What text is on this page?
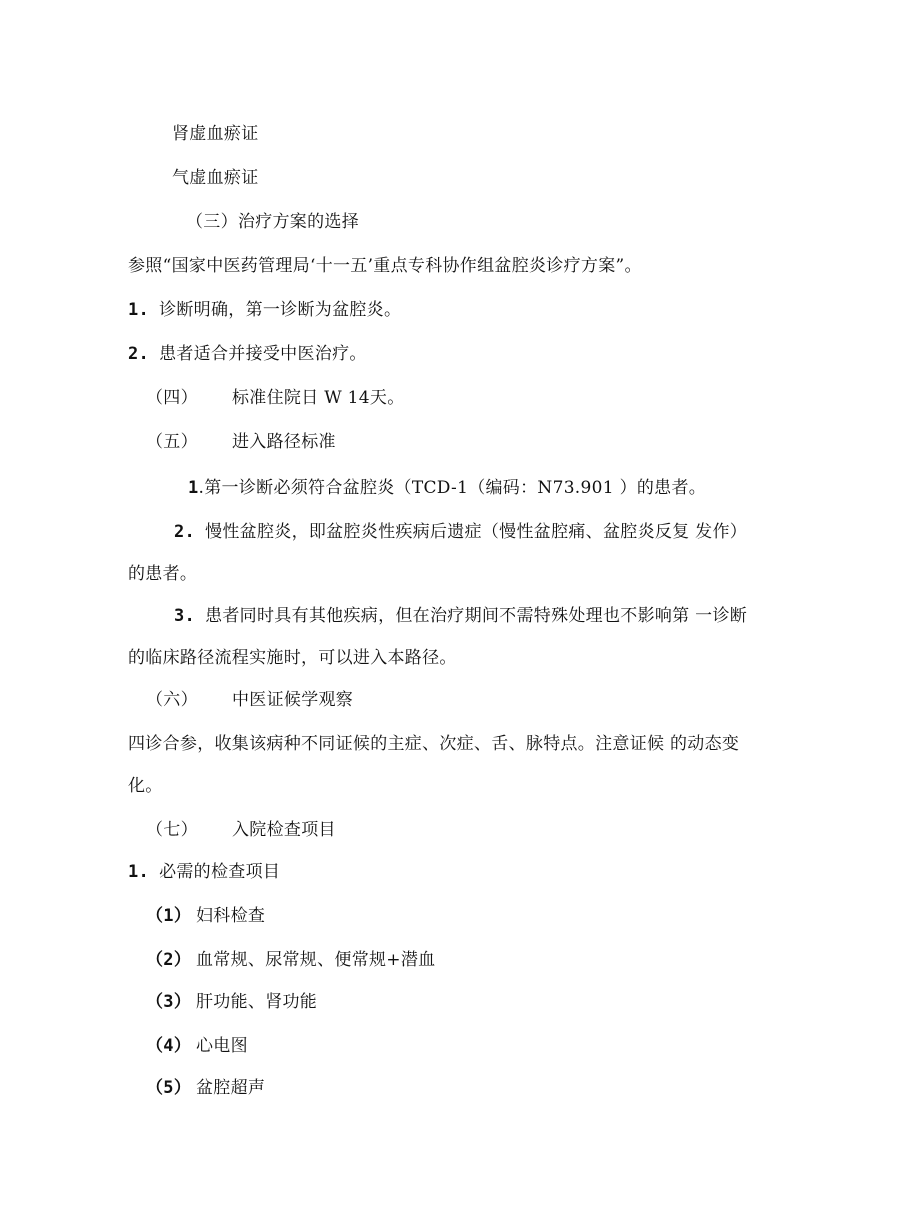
肾虚血瘀证
气虚血瘀证
（三）治疗方案的选择
参照“国家中医药管理局‘十一五’重点专科协作组盆腔炎诊疗方案”。
1. 诊断明确，第一诊断为盆腔炎。
2. 患者适合并接受中医治疗。
（四） 标准住院日 W 14天。
（五） 进入路径标准
1.第一诊断必须符合盆腔炎（TCD-1（编码：N73.901 ）的患者。
2. 慢性盆腔炎，即盆腔炎性疾病后遗症（慢性盆腔痛、盆腔炎反复 发作）
的患者。
3. 患者同时具有其他疾病，但在治疗期间不需特殊处理也不影响第 一诊断
的临床路径流程实施时，可以进入本路径。
（六） 中医证候学观察
四诊合参，收集该病种不同证候的主症、次症、舌、脉特点。注意证候 的动态变
化。
（七） 入院检查项目
1. 必需的检查项目
（1） 妇科检查
（2） 血常规、尿常规、便常规+潜血
（3） 肝功能、肾功能
（4） 心电图
（5） 盆腔超声
